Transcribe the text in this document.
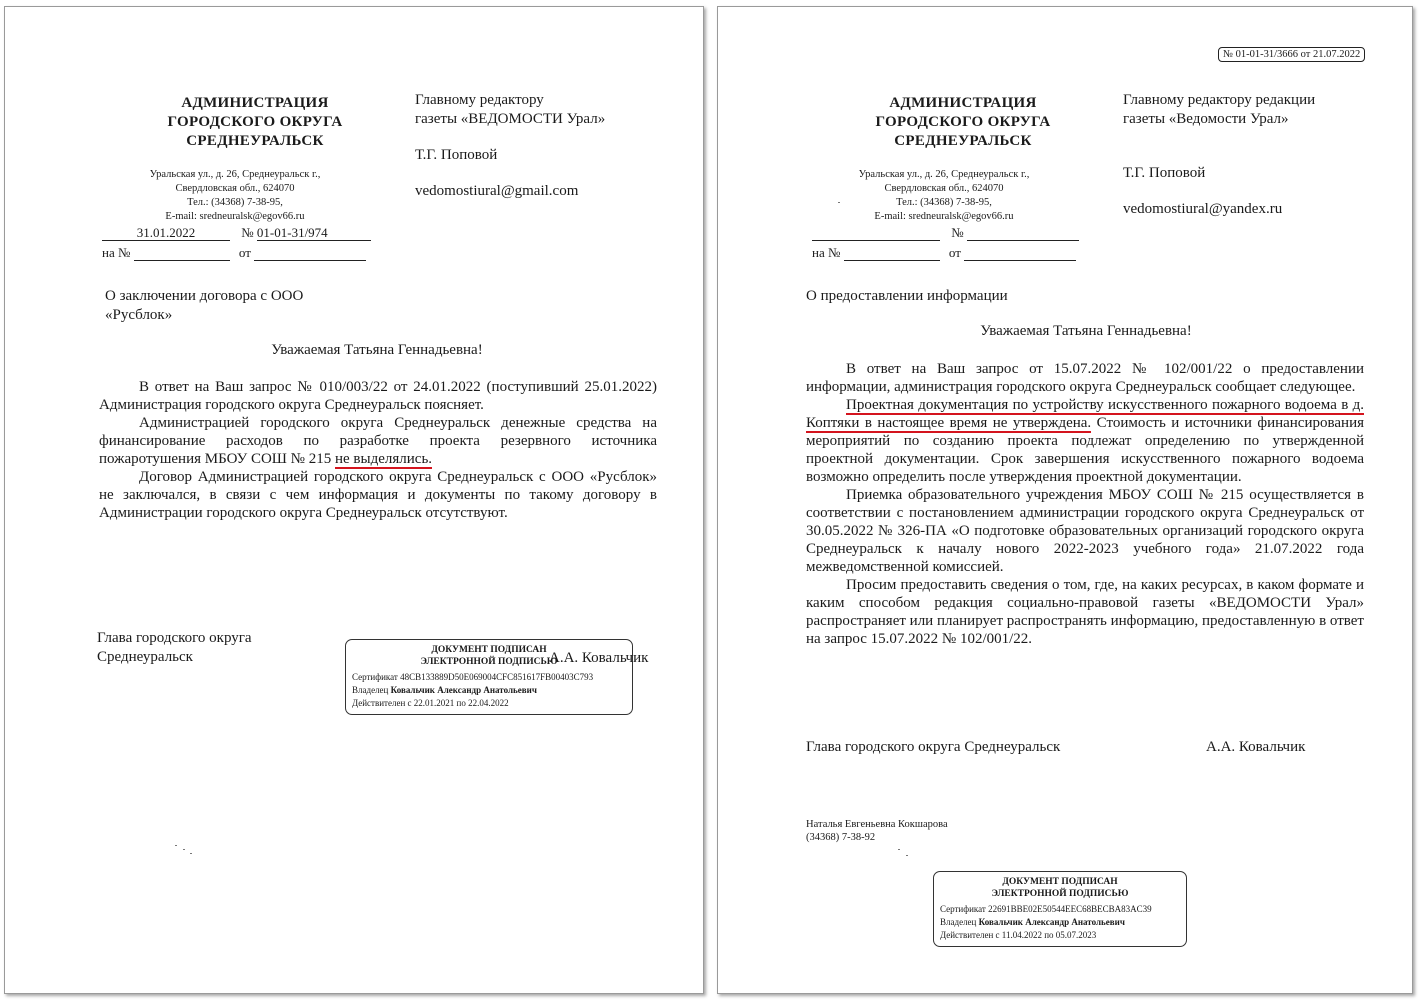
АДМИНИСТРАЦИЯ
ГОРОДСКОГО ОКРУГА
СРЕДНЕУРАЛЬСК
Уральская ул., д. 26, Среднеуральск г.,
Свердловская обл., 624070
Тел.: (34368) 7-38-95,
E-mail: sredneuralsk@egov66.ru
31.01.2022	№ 01-01-31/974
на №	от
Главному редактору
газеты «ВЕДОМОСТИ Урал»
Т.Г. Поповой
vedomostiural@gmail.com
О заключении договора с ООО
«Русблок»
Уважаемая Татьяна Геннадьевна!

В ответ на Ваш запрос № 010/003/22 от 24.01.2022 (поступивший 25.01.2022) Администрация городского округа Среднеуральск поясняет.

Администрацией городского округа Среднеуральск денежные средства на финансирование расходов по разработке проекта резервного источника пожаротушения МБОУ СОШ № 215 не выделялись.

Договор Администрацией городского округа Среднеуральск с ООО «Русблок» не заключался, в связи с чем информация и документы по такому договору в Администрации городского округа Среднеуральск отсутствуют.

Глава городского округа
Среднеуральск	ДОКУМЕНТ ПОДПИСАН
ЭЛЕКТРОННОЙ ПОДПИСЬЮ
Сертификат 48CB133889D50E069004CFC851617FB00403C793
Владелец Ковальчик Александр Анатольевич
Действителен с 22.01.2021 по 22.04.2022
А.А. Ковальчик
№ 01-01-31/3666 от 21.07.2022
АДМИНИСТРАЦИЯ
ГОРОДСКОГО ОКРУГА
СРЕДНЕУРАЛЬСК
Уральская ул., д. 26, Среднеуральск г.,
Свердловская обл., 624070
Тел.: (34368) 7-38-95,
E-mail: sredneuralsk@egov66.ru
№
на №	от
Главному редактору редакции
газеты «Ведомости Урал»
Т.Г. Поповой
vedomostiural@yandex.ru
О предоставлении информации
Уважаемая Татьяна Геннадьевна!

В ответ на Ваш запрос от 15.07.2022 № 102/001/22 о предоставлении информации, администрация городского округа Среднеуральск сообщает следующее.

Проектная документация по устройству искусственного пожарного водоема в д. Коптяки в настоящее время не утверждена. Стоимость и источники финансирования мероприятий по созданию проекта подлежат определению по утвержденной проектной документации. Срок завершения искусственного пожарного водоема возможно определить после утверждения проектной документации.

Приемка образовательного учреждения МБОУ СОШ № 215 осуществляется в соответствии с постановлением администрации городского округа Среднеуральск от 30.05.2022 № 326-ПА «О подготовке образовательных организаций городского округа Среднеуральск к началу нового 2022-2023 учебного года» 21.07.2022 года межведомственной комиссией.

Просим предоставить сведения о том, где, на каких ресурсах, в каком формате и каким способом редакция социально-правовой газеты «ВЕДОМОСТИ Урал» распространяет или планирует распространять информацию, предоставленную в ответ на запрос 15.07.2022 № 102/001/22.

Глава городского округа Среднеуральск	А.А. Ковальчик
Наталья Евгеньевна Кокшарова
(34368) 7-38-92
ДОКУМЕНТ ПОДПИСАН
ЭЛЕКТРОННОЙ ПОДПИСЬЮ
Сертификат 22691BBE02E50544EEC68BECBA83AC39
Владелец Ковальчик Александр Анатольевич
Действителен с 11.04.2022 по 05.07.2023
